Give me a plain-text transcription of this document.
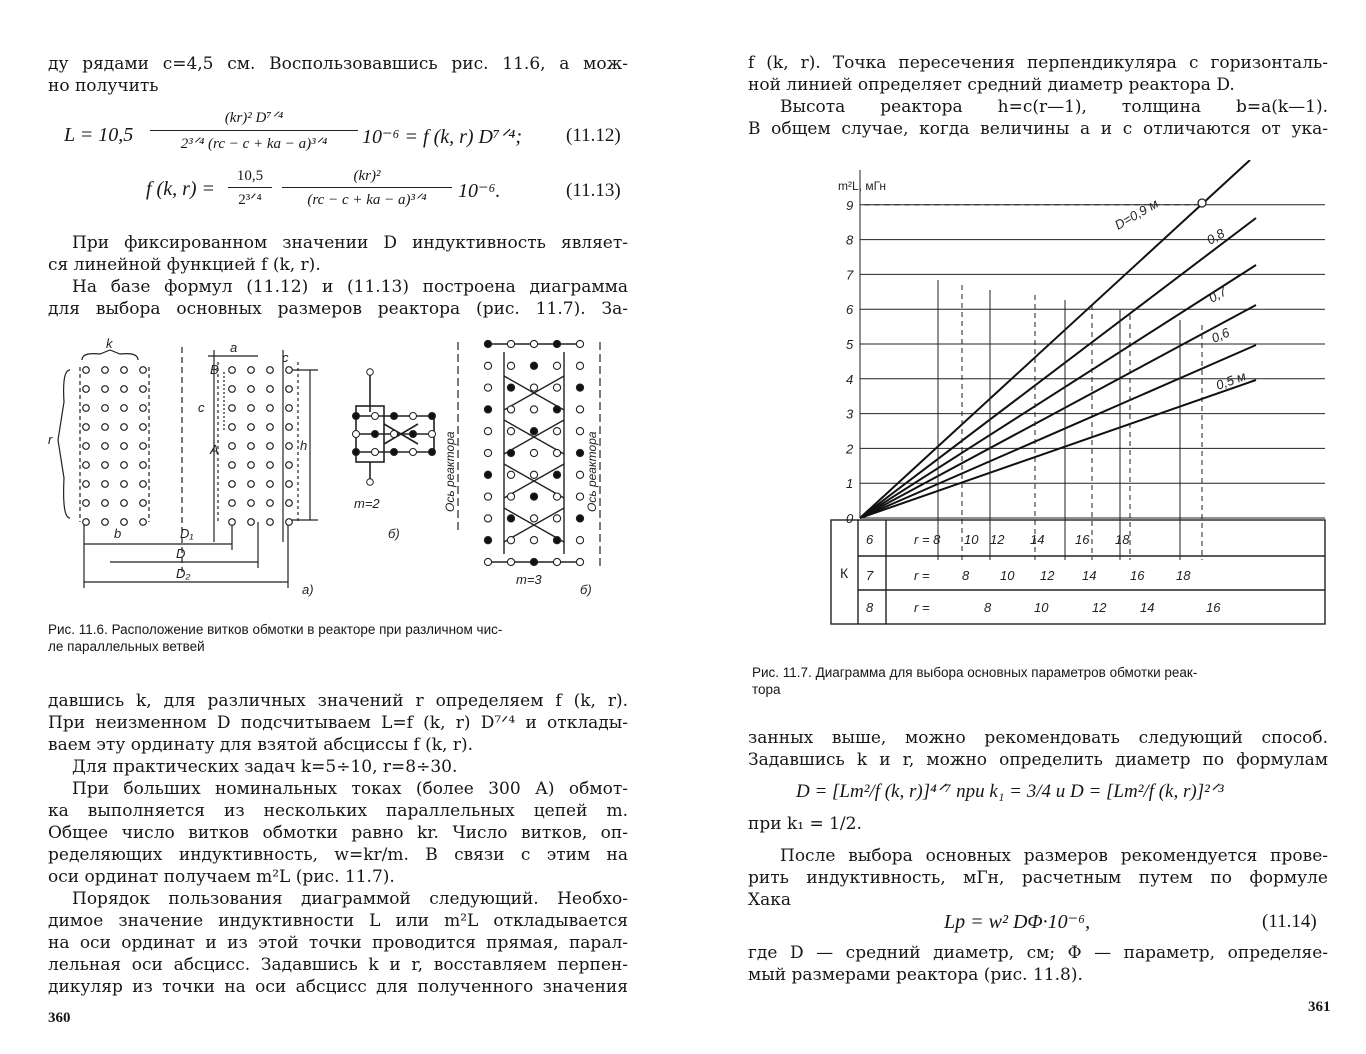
ду рядами c=4,5 см. Воспользовавшись рис. 11.6, а мож-
но получить
L = 10,5
(kr)² D⁷ᐟ⁴
2³ᐟ⁴ (rc − c + ka − a)³ᐟ⁴	10⁻⁶ = f (k, r) D⁷ᐟ⁴; (11.12)
f (k, r) =
10,5
2³ᐟ⁴
(kr)²
(rc − c + ka − a)³ᐟ⁴	10⁻⁶.	(11.13)
При фиксированном значении D индуктивность являет-
ся линейной функцией f (k, r).
На базе формул (11.12) и (11.13) построена диаграмма
для выбора основных размеров реактора (рис. 11.7). За-
k	a
c
B
c
A
r	h
b	D₁
D
D₂
а)
m=2
б)
m=3
б)
Ось реактора	Ось реактора
Рис. 11.6. Расположение витков обмотки в реакторе при различном чис-
ле параллельных ветвей
давшись k, для различных значений r определяем f (k, r).
При неизменном D подсчитываем L=f (k, r) D⁷ᐟ⁴ и отклады-
ваем эту ординату для взятой абсциссы f (k, r).
Для практических задач k=5÷10, r=8÷30.
При больших номинальных токах (более 300 А) обмот-
ка выполняется из нескольких параллельных цепей m.
Общее число витков обмотки равно kr. Число витков, оп-
ределяющих индуктивность, w=kr/m. В связи с этим на
оси ординат получаем m²L (рис. 11.7).
Порядок пользования диаграммой следующий. Необхо-
димое значение индуктивности L или m²L откладывается
на оси ординат и из этой точки проводится прямая, парал-
лельная оси абсцисс. Задавшись k и r, восставляем перпен-
дикуляр из точки на оси абсцисс для полученного значения
360
f (k, r). Точка пересечения перпендикуляра с горизонталь-
ной линией определяет средний диаметр реактора D.
Высота реактора h=c(r—1), толщина b=a(k—1).
В общем случае, когда величины a и c отличаются от ука-
0
1
2
3
4
5
6
7
8
9
m²L, мГн
D=0,9 м
0,8
0,7
0,6
0,5 м
К
6	r = 8 10 12 14 16 18
7	r = 8 10 12 14	16 18
8	r =	8	10	12	14	16
Рис. 11.7. Диаграмма для выбора основных параметров обмотки реак-
тора
занных выше, можно рекомендовать следующий способ.
Задавшись k и r, можно определить диаметр по формулам
D = [Lm²/f (k, r)]⁴ᐟ⁷ при k₁ = 3/4 и D = [Lm²/f (k, r)]²ᐟ³
при k₁ = 1/2.
После выбора основных размеров рекомендуется прове-
рить индуктивность, мГн, расчетным путем по формуле
Хака
Lр = w² DΦ·10⁻⁶,	(11.14)
где D — средний диаметр, см; Φ — параметр, определяе-
мый размерами реактора (рис. 11.8).
361
